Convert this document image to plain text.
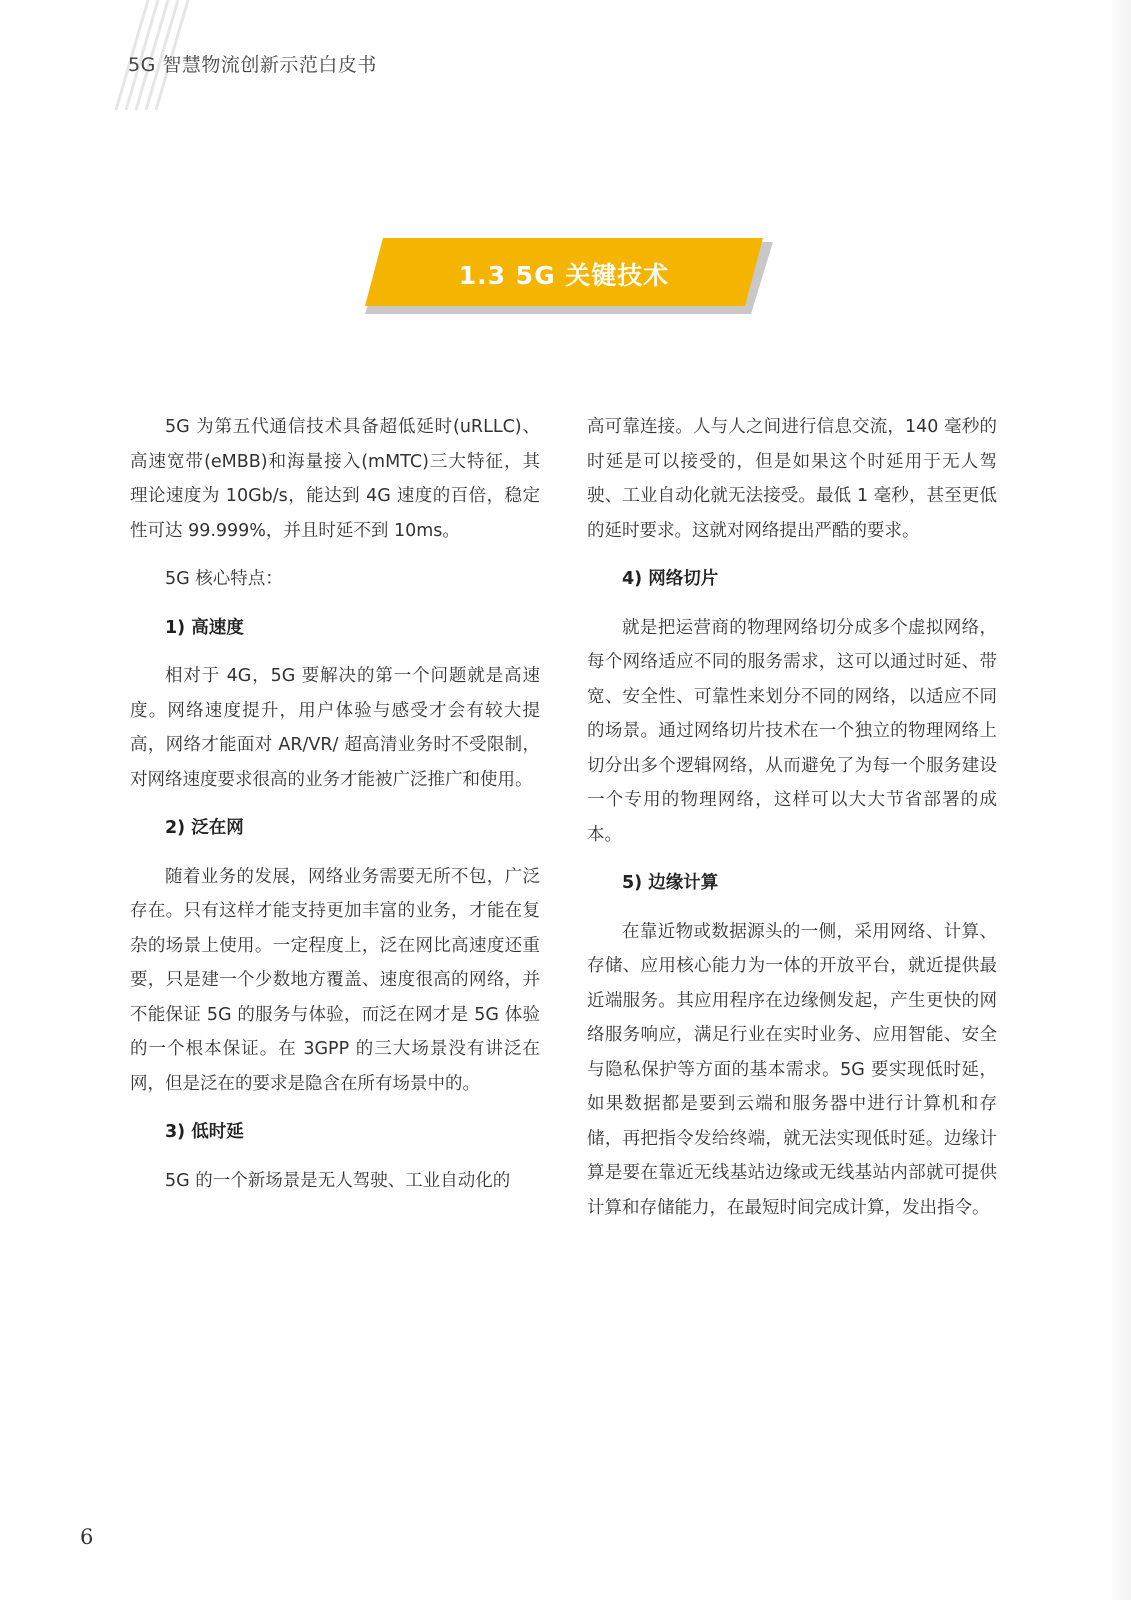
5G 智慧物流创新示范白皮书
1.3 5G 关键技术

5G 为第五代通信技术具备超低延时(uRLLC)、高速宽带(eMBB)和海量接入(mMTC)三大特征，其理论速度为 10Gb/s，能达到 4G 速度的百倍，稳定性可达 99.999%，并且时延不到 10ms。

5G 核心特点：

1) 高速度

相对于 4G，5G 要解决的第一个问题就是高速度。网络速度提升，用户体验与感受才会有较大提高，网络才能面对 AR/VR/ 超高清业务时不受限制，对网络速度要求很高的业务才能被广泛推广和使用。

2) 泛在网

随着业务的发展，网络业务需要无所不包，广泛存在。只有这样才能支持更加丰富的业务，才能在复杂的场景上使用。一定程度上，泛在网比高速度还重要，只是建一个少数地方覆盖、速度很高的网络，并不能保证 5G 的服务与体验，而泛在网才是 5G 体验的一个根本保证。在 3GPP 的三大场景没有讲泛在网，但是泛在的要求是隐含在所有场景中的。

3) 低时延

5G 的一个新场景是无人驾驶、工业自动化的

高可靠连接。人与人之间进行信息交流，140 毫秒的时延是可以接受的，但是如果这个时延用于无人驾驶、工业自动化就无法接受。最低 1 毫秒，甚至更低的延时要求。这就对网络提出严酷的要求。

4) 网络切片

就是把运营商的物理网络切分成多个虚拟网络，每个网络适应不同的服务需求，这可以通过时延、带宽、安全性、可靠性来划分不同的网络，以适应不同的场景。通过网络切片技术在一个独立的物理网络上切分出多个逻辑网络，从而避免了为每一个服务建设一个专用的物理网络，这样可以大大节省部署的成本。

5) 边缘计算

在靠近物或数据源头的一侧，采用网络、计算、存储、应用核心能力为一体的开放平台，就近提供最近端服务。其应用程序在边缘侧发起，产生更快的网络服务响应，满足行业在实时业务、应用智能、安全与隐私保护等方面的基本需求。5G 要实现低时延，如果数据都是要到云端和服务器中进行计算机和存储，再把指令发给终端，就无法实现低时延。边缘计算是要在靠近无线基站边缘或无线基站内部就可提供计算和存储能力，在最短时间完成计算，发出指令。

6
